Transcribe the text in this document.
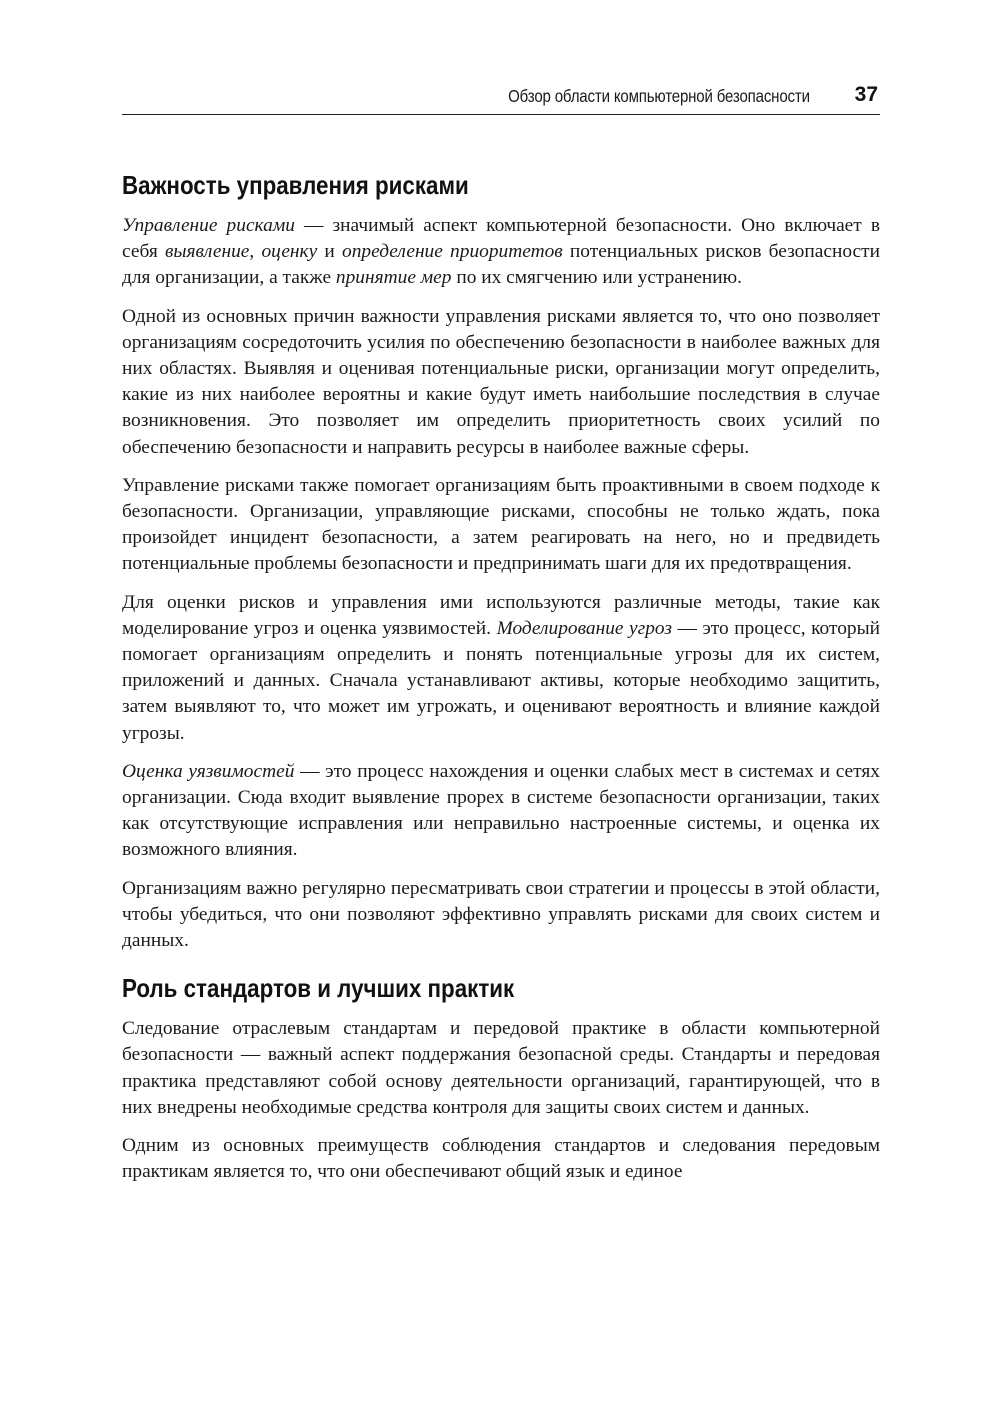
Обзор области компьютерной безопасности 37
Важность управления рисками

Управление рисками — значимый аспект компьютерной безопасности. Оно включает в себя выявление, оценку и определение приоритетов потенциальных рисков безопасности для организации, а также принятие мер по их смягчению или устранению.

Одной из основных причин важности управления рисками является то, что оно позволяет организациям сосредоточить усилия по обеспечению безопасности в наиболее важных для них областях. Выявляя и оценивая потенциальные риски, организации могут определить, какие из них наиболее вероятны и какие будут иметь наибольшие последствия в случае возникновения. Это позволяет им определить приоритетность своих усилий по обеспечению безопасности и направить ресурсы в наиболее важные сферы.

Управление рисками также помогает организациям быть проактивными в своем подходе к безопасности. Организации, управляющие рисками, способны не только ждать, пока произойдет инцидент безопасности, а затем реагировать на него, но и предвидеть потенциальные проблемы безопасности и предпринимать шаги для их предотвращения.

Для оценки рисков и управления ими используются различные методы, такие как моделирование угроз и оценка уязвимостей. Моделирование угроз — это процесс, который помогает организациям определить и понять потенциальные угрозы для их систем, приложений и данных. Сначала устанавливают активы, которые необходимо защитить, затем выявляют то, что может им угрожать, и оценивают вероятность и влияние каждой угрозы.

Оценка уязвимостей — это процесс нахождения и оценки слабых мест в системах и сетях организации. Сюда входит выявление прорех в системе безопасности организации, таких как отсутствующие исправления или неправильно настроенные системы, и оценка их возможного влияния.

Организациям важно регулярно пересматривать свои стратегии и процессы в этой области, чтобы убедиться, что они позволяют эффективно управлять рисками для своих систем и данных.

Роль стандартов и лучших практик

Следование отраслевым стандартам и передовой практике в области компьютерной безопасности — важный аспект поддержания безопасной среды. Стандарты и передовая практика представляют собой основу деятельности организаций, гарантирующей, что в них внедрены необходимые средства контроля для защиты своих систем и данных.

Одним из основных преимуществ соблюдения стандартов и следования передовым практикам является то, что они обеспечивают общий язык и единое
